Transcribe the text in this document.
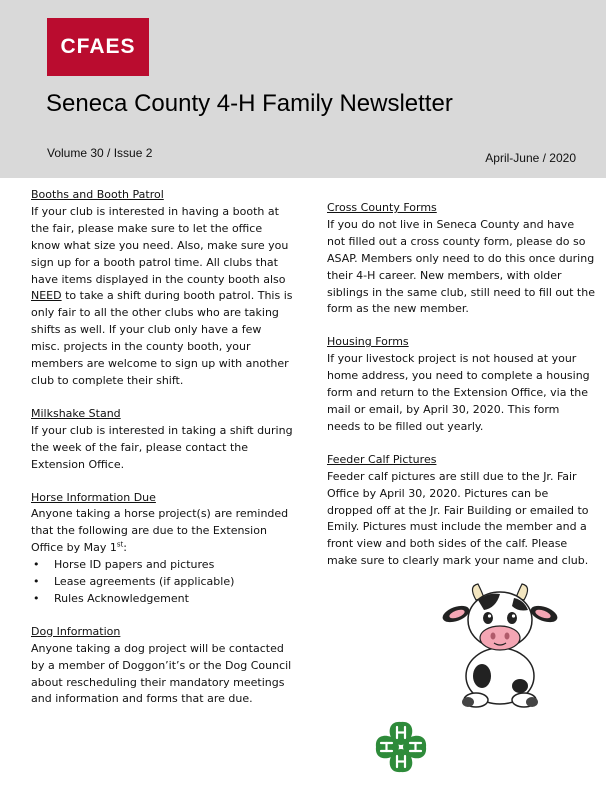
CFAES
Seneca County 4-H Family Newsletter
Volume 30 / Issue 2	April-June / 2020
Booths and Booth Patrol

If your club is interested in having a booth at the fair, please make sure to let the office know what size you need. Also, make sure you sign up for a booth patrol time. All clubs that have items displayed in the county booth also NEED to take a shift during booth patrol. This is only fair to all the other clubs who are taking shifts as well. If your club only have a few misc. projects in the county booth, your members are welcome to sign up with another club to complete their shift.

Milkshake Stand

If your club is interested in taking a shift during the week of the fair, please contact the Extension Office.

Horse Information Due

Anyone taking a horse project(s) are reminded that the following are due to the Extension Office by May 1st:

• Horse ID papers and pictures
• Lease agreements (if applicable)
• Rules Acknowledgement
Dog Information

Anyone taking a dog project will be contacted by a member of Doggon’it’s or the Dog Council about rescheduling their mandatory meetings and information and forms that are due.

Cross County Forms

If you do not live in Seneca County and have not filled out a cross county form, please do so ASAP. Members only need to do this once during their 4-H career. New members, with older siblings in the same club, still need to fill out the form as the new member.

Housing Forms

If your livestock project is not housed at your home address, you need to complete a housing form and return to the Extension Office, via the mail or email, by April 30, 2020. This form needs to be filled out yearly.

Feeder Calf Pictures

Feeder calf pictures are still due to the Jr. Fair Office by April 30, 2020. Pictures can be dropped off at the Jr. Fair Building or emailed to Emily. Pictures must include the member and a front view and both sides of the calf. Please make sure to clearly mark your name and club.
